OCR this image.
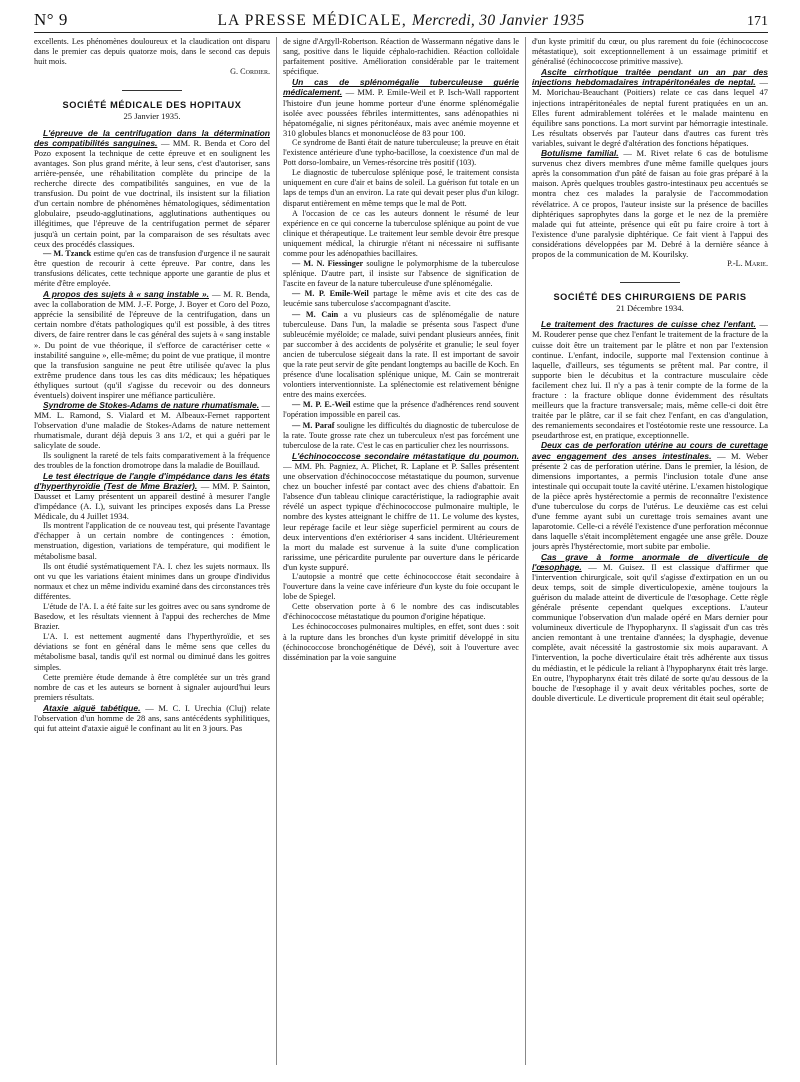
N° 9	LA PRESSE MÉDICALE, Mercredi, 30 Janvier 1935	171

excellents. Les phénomènes douloureux et la claudication ont disparu dans le premier cas depuis quatorze mois, dans le second cas depuis huit mois.

G. Cordier.

SOCIÉTÉ MÉDICALE DES HOPITAUX
25 Janvier 1935.

L'épreuve de la centrifugation dans la détermination des compatibilités sanguines. — MM. R. Benda et Coro del Pozo exposent la technique de cette épreuve et en soulignent les avantages. Son plus grand mérite, à leur sens, c'est d'autoriser, sans arrière-pensée, une réhabilitation complète du principe de la recherche directe des compatibilités sanguines, en vue de la transfusion. Du point de vue doctrinal, ils insistent sur la filiation d'un certain nombre de phénomènes hématologiques, sédimentation globulaire, pseudo-agglutinations, agglutinations authentiques ou illégitimes, que l'épreuve de la centrifugation permet de séparer jusqu'à un certain point, par la comparaison de ses résultats avec ceux des procédés classiques.

— M. Tzanck estime qu'en cas de transfusion d'urgence il ne saurait être question de recourir à cette épreuve. Par contre, dans les transfusions délicates, cette technique apporte une garantie de plus et mérite d'être employée.

A propos des sujets à « sang instable ». — M. R. Benda, avec la collaboration de MM. J.-F. Porge, J. Boyer et Coro del Pozo, apprécie la sensibilité de l'épreuve de la centrifugation, dans un certain nombre d'états pathologiques qu'il est possible, à des titres divers, de faire rentrer dans le cas général des sujets à « sang instable ». Du point de vue théorique, il s'efforce de caractériser cette « instabilité sanguine », elle-même; du point de vue pratique, il montre que la transfusion sanguine ne peut être utilisée qu'avec la plus extrême prudence dans tous les cas dits médicaux; les hépatiques éthyliques surtout (qu'il s'agisse du recevoir ou des donneurs éventuels) doivent inspirer une méfiance particulière.

Syndrome de Stokes-Adams de nature rhumatismale. — MM. L. Ramond, S. Vialard et M. Albeaux-Fernet rapportent l'observation d'une maladie de Stokes-Adams de nature nettement rhumatismale, durant déjà depuis 3 ans 1/2, et qui a guéri par le salicylate de soude.

Ils soulignent la rareté de tels faits comparativement à la fréquence des troubles de la fonction dromotrope dans la maladie de Bouillaud.

Le test électrique de l'angle d'impédance dans les états d'hyperthyroïdie (Test de Mme Brazier). — MM. P. Sainton, Dausset et Lamy présentent un appareil destiné à mesurer l'angle d'impédance (A. I.), suivant les principes exposés dans La Presse Médicale, du 4 Juillet 1934.

Ils montrent l'application de ce nouveau test, qui présente l'avantage d'échapper à un certain nombre de contingences : émotion, menstruation, digestion, variations de température, qui modifient le métabolisme basal.

Ils ont étudié systématiquement l'A. I. chez les sujets normaux. Ils ont vu que les variations étaient minimes dans un groupe d'individus normaux et chez un même individu examiné dans des circonstances très différentes.

L'étude de l'A. I. a été faite sur les goitres avec ou sans syndrome de Basedow, et les résultats viennent à l'appui des recherches de Mme Brazier.

L'A. I. est nettement augmenté dans l'hyperthyroïdie, et ses déviations se font en général dans le même sens que celles du métabolisme basal, tandis qu'il est normal ou diminué dans les goitres simples.

Cette première étude demande à être complétée sur un très grand nombre de cas et les auteurs se bornent à signaler aujourd'hui leurs premiers résultats.

Ataxie aiguë tabétique. — M. C. I. Urechia (Cluj) relate l'observation d'un homme de 28 ans, sans antécédents syphilitiques, qui fut atteint d'ataxie aiguë le confinant au lit en 3 jours. Pas

de signe d'Argyll-Robertson. Réaction de Wassermann négative dans le sang, positive dans le liquide céphalo-rachidien. Réaction colloïdale parfaitement positive. Amélioration considérable par le traitement spécifique.

Un cas de splénomégalie tuberculeuse guérie médicalement. — MM. P. Emile-Weil et P. Isch-Wall rapportent l'histoire d'un jeune homme porteur d'une énorme splénomégalie isolée avec poussées fébriles intermittentes, sans adénopathies ni hépatomégalie, ni signes péritonéaux, mais avec anémie moyenne et 310 globules blancs et mononucléose de 83 pour 100.

Ce syndrome de Banti était de nature tuberculeuse; la preuve en était l'existence antérieure d'une typho-bacillose, la coexistence d'un mal de Pott dorso-lombaire, un Vernes-résorcine très positif (103).

Le diagnostic de tuberculose splénique posé, le traitement consista uniquement en cure d'air et bains de soleil. La guérison fut totale en un laps de temps d'un an environ. La rate qui devait peser plus d'un kilogr. disparut entièrement en même temps que le mal de Pott.

A l'occasion de ce cas les auteurs donnent le résumé de leur expérience en ce qui concerne la tuberculose splénique au point de vue clinique et thérapeutique. Le traitement leur semble devoir être presque uniquement médical, la chirurgie n'étant ni nécessaire ni suffisante comme pour les adénopathies bacillaires.

— M. N. Fiessinger souligne le polymorphisme de la tuberculose splénique. D'autre part, il insiste sur l'absence de signification de l'ascite en faveur de la nature tuberculeuse d'une splénomégalie.

— M. P. Emile-Weil partage le même avis et cite des cas de leucémie sans tuberculose s'accompagnant d'ascite.

— M. Cain a vu plusieurs cas de splénomégalie de nature tuberculeuse. Dans l'un, la maladie se présenta sous l'aspect d'une subleucémie myéloïde; ce malade, suivi pendant plusieurs années, finit par succomber à des accidents de polysérite et granulie; le seul foyer ancien de tuberculose siégeait dans la rate. Il est important de savoir que la rate peut servir de gîte pendant longtemps au bacille de Koch. En présence d'une localisation splénique unique, M. Cain se montrerait volontiers interventionniste. La splénectomie est relativement bénigne entre des mains exercées.

— M. P. E.-Weil estime que la présence d'adhérences rend souvent l'opération impossible en pareil cas.

— M. Paraf souligne les difficultés du diagnostic de tuberculose de la rate. Toute grosse rate chez un tuberculeux n'est pas forcément une tuberculose de la rate. C'est le cas en particulier chez les nourrissons.

L'échinococcose secondaire métastatique du poumon. — MM. Ph. Pagniez, A. Plichet, R. Laplane et P. Salles présentent une observation d'échinococcose métastatique du poumon, survenue chez un boucher infesté par contact avec des chiens d'abattoir. En l'absence d'un tableau clinique caractéristique, la radiographie avait révélé un aspect typique d'échinococcose pulmonaire multiple, le nombre des kystes atteignant le chiffre de 11. Le volume des kystes, leur repérage facile et leur siège superficiel permirent au cours de deux interventions d'en extérioriser 4 sans incident. Ultérieurement la mort du malade est survenue à la suite d'une complication rarissime, une péricardite purulente par ouverture dans le péricarde d'un kyste suppuré.

L'autopsie a montré que cette échinococcose était secondaire à l'ouverture dans la veine cave inférieure d'un kyste du foie occupant le lobe de Spiegel.

Cette observation porte à 6 le nombre des cas indiscutables d'échinococcose métastatique du poumon d'origine hépatique.

Les échinococcoses pulmonaires multiples, en effet, sont dues : soit à la rupture dans les bronches d'un kyste primitif développé in situ (échinococcose bronchogénétique de Dévé), soit à l'ouverture avec dissémination par la voie sanguine

d'un kyste primitif du cœur, ou plus rarement du foie (échinococcose métastatique), soit exceptionnellement à un essaimage primitif et généralisé (échinococcose primitive massive).

Ascite cirrhotique traitée pendant un an par des injections hebdomadaires intrapéritonéales de neptal. — M. Morichau-Beauchant (Poitiers) relate ce cas dans lequel 47 injections intrapéritonéales de neptal furent pratiquées en un an. Elles furent admirablement tolérées et le malade maintenu en équilibre sans ponctions. La mort survint par hémorragie intestinale. Les résultats observés par l'auteur dans d'autres cas furent très variables, suivant le degré d'altération des fonctions hépatiques.

Botulisme familial. — M. Rivet relate 6 cas de botulisme survenus chez divers membres d'une même famille quelques jours après la consommation d'un pâté de faisan au foie gras préparé à la maison. Après quelques troubles gastro-intestinaux peu accentués se montra chez ces malades la paralysie de l'accommodation révélatrice. A ce propos, l'auteur insiste sur la présence de bacilles diphtériques saprophytes dans la gorge et le nez de la première malade qui fut atteinte, présence qui eût pu faire croire à tort à l'existence d'une paralysie diphtérique. Ce fait vient à l'appui des considérations développées par M. Debré à la dernière séance à propos de la communication de M. Kourilsky.

P.-L. Marie.

SOCIÉTÉ DES CHIRURGIENS DE PARIS
21 Décembre 1934.

Le traitement des fractures de cuisse chez l'enfant. — M. Rouderer pense que chez l'enfant le traitement de la fracture de la cuisse doit être un traitement par le plâtre et non par l'extension continue. L'enfant, indocile, supporte mal l'extension continue à laquelle, d'ailleurs, ses téguments se prêtent mal. Par contre, il supporte bien le décubitus et la contracture musculaire cède facilement chez lui. Il n'y a pas à tenir compte de la forme de la fracture : la fracture oblique donne évidemment des résultats meilleurs que la fracture transversale; mais, même celle-ci doit être traitée par le plâtre, car il se fait chez l'enfant, en cas d'angulation, des remaniements secondaires et l'ostéotomie reste une ressource. La pseudarthrose est, en pratique, exceptionnelle.

Deux cas de perforation utérine au cours de curettage avec engagement des anses intestinales. — M. Weber présente 2 cas de perforation utérine. Dans le premier, la lésion, de dimensions importantes, a permis l'inclusion totale d'une anse intestinale qui occupait toute la cavité utérine. L'examen histologique de la pièce après hystérectomie a permis de reconnaître l'existence d'une tuberculose du corps de l'utérus. Le deuxième cas est celui d'une femme ayant subi un curettage trois semaines avant une laparotomie. Celle-ci a révélé l'existence d'une perforation méconnue dans laquelle s'était incomplètement engagée une anse grêle. Douze jours après l'hystérectomie, mort subite par embolie.

Cas grave à forme anormale de diverticule de l'œsophage. — M. Guisez. Il est classique d'affirmer que l'intervention chirurgicale, soit qu'il s'agisse d'extirpation en un ou deux temps, soit de simple diverticulopexie, amène toujours la guérison du malade atteint de diverticule de l'œsophage. Cette règle générale présente cependant quelques exceptions. L'auteur communique l'observation d'un malade opéré en Mars dernier pour volumineux diverticule de l'hypopharynx. Il s'agissait d'un cas très ancien remontant à une trentaine d'années; la dysphagie, devenue complète, avait nécessité la gastrostomie six mois auparavant. A l'intervention, la poche diverticulaire était très adhérente aux tissus du médiastin, et le pédicule la reliant à l'hypopharynx était très large. En outre, l'hypopharynx était très dilaté de sorte qu'au dessous de la bouche de l'œsophage il y avait deux véritables poches, sorte de double diverticule. Le diverticule proprement dit était seul opérable;
